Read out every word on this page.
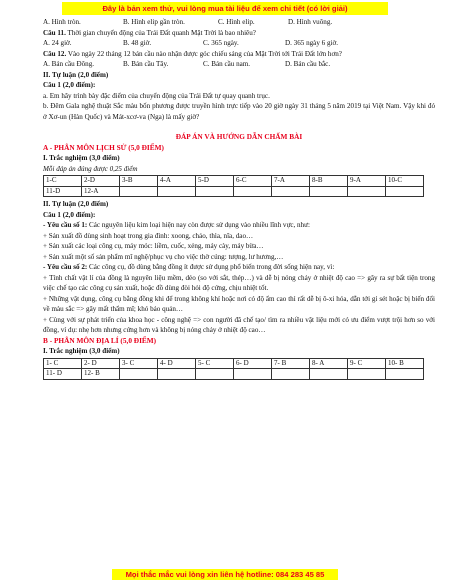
Đây là bản xem thử, vui lòng mua tài liệu để xem chi tiết (có lời giải)
A. Hình tròn.	B. Hình elip gần tròn.	C. Hình elip.	D. Hình vuông.
Câu 11. Thời gian chuyển động của Trái Đất quanh Mặt Trời là bao nhiêu?
A. 24 giờ.	B. 48 giờ.	C. 365 ngày.	D. 365 ngày 6 giờ.
Câu 12. Vào ngày 22 tháng 12 bán cầu nào nhận được góc chiếu sáng của Mặt Trời tới Trái Đất lớn hơn?
A. Bán cầu Đông.	B. Bán cầu Tây.	C. Bán cầu nam.	D. Bán cầu bắc.
II. Tự luận (2,0 điểm)
Câu 1 (2,0 điểm):
a. Em hãy trình bày đặc điểm của chuyển động của Trái Đất tự quay quanh trục.
b. Đêm Gala nghệ thuật Sắc màu bốn phương được truyền hình trực tiếp vào 20 giờ ngày 31 tháng 5 năm 2019 tại Việt Nam. Vậy khi đó ở Xơ-un (Hàn Quốc) và Mát-xcơ-va (Nga) là mấy giờ?
ĐÁP ÁN VÀ HƯỚNG DẪN CHẤM BÀI
A - PHÂN MÔN LỊCH SỬ (5,0 ĐIỂM)
I. Trắc nghiệm (3,0 điểm)
Mỗi đáp án đúng được 0,25 điểm
1-C	2-D	3-B	4-A	5-D	6-C	7-A	8-B	9-A	10-C
11-D	12-A								
II. Tự luận (2,0 điểm)
Câu 1 (2,0 điểm):
- Yêu cầu số 1: Các nguyên liệu kim loại hiện nay còn được sử dụng vào nhiều lĩnh vực, như:
+ Sản xuất đồ dùng sinh hoạt trong gia đình: xoong, chảo, thìa, nĩa, dao…
+ Sản xuất các loại công cụ, máy móc: liềm, cuốc, xẻng, máy cày, máy bừa…
+ Sản xuất một số sản phẩm mĩ nghệ/phục vụ cho việc thờ cúng: tượng, lư hương,…
- Yêu cầu số 2: Các công cụ, đồ dùng bằng đồng ít được sử dụng phổ biến trong đời sống hiện nay, vì:
+ Tính chất vật lí của đồng là nguyên liệu mềm, dẻo (so với sắt, thép…) và dễ bị nóng chảy ở nhiệt độ cao => gây ra sự bất tiện trong việc chế tạo các công cụ sản xuất, hoặc đồ dùng đòi hỏi độ cứng, chịu nhiệt tốt.
+ Những vật dụng, công cụ bằng đồng khi để trong không khí hoặc nơi có độ ẩm cao thì rất dễ bị ô-xi hóa, dẫn tới gỉ sét hoặc bị biến đổi về màu sắc => gây mất thẩm mĩ; khó bảo quản…
+ Cùng với sự phát triển của khoa học - công nghệ => con người đã chế tạo/ tìm ra nhiều vật liệu mới có ưu điểm vượt trội hơn so với đồng, ví dụ: nhẹ hơn nhưng cứng hơn và không bị nóng chảy ở nhiệt độ cao…
B - PHÂN MÔN ĐỊA LÍ (5,0 ĐIỂM)
I. Trắc nghiệm (3,0 điểm)
1- C	2- D	3- C	4- D	5- C	6- D	7- B	8- A	9- C	10- B
11- D	12- B								
Mọi thắc mắc vui lòng xin liên hệ hotline: 084 283 45 85
